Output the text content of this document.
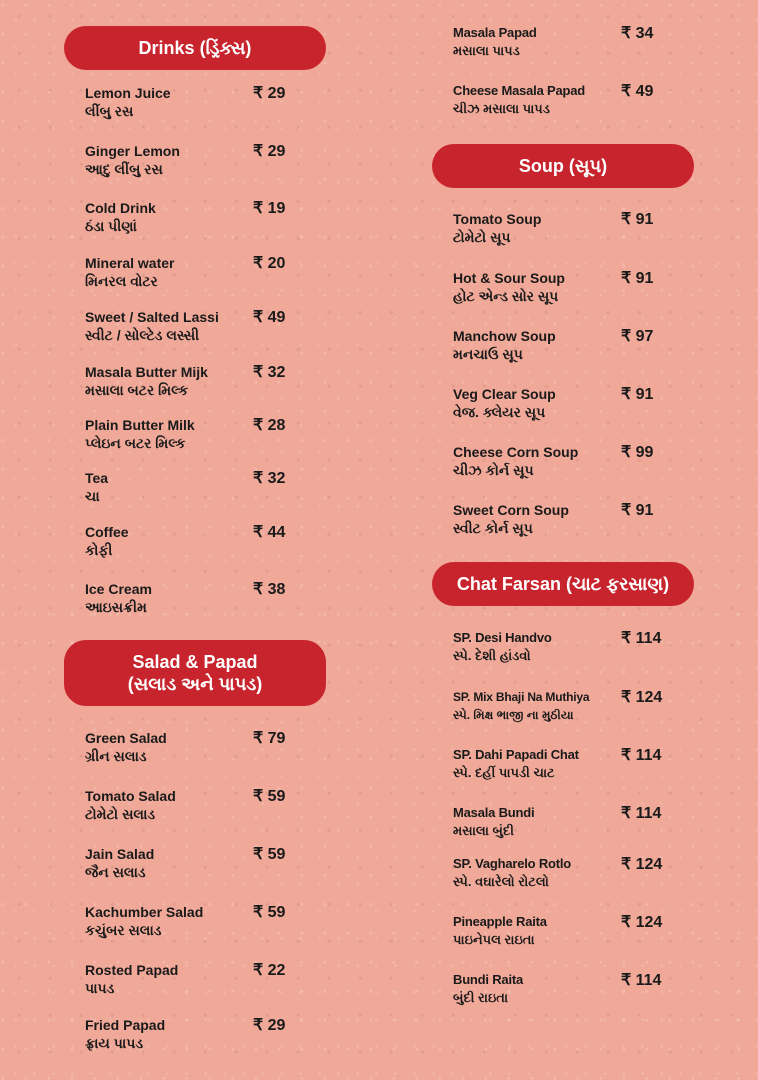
Drinks (ડ્રિંક્સ)
Lemon Juice
લીંબુ રસ
₹ 29
Ginger Lemon
આદુ લીંબુ રસ
₹ 29
Cold Drink
ઠંડા પીણાં
₹ 19
Mineral water
મિનરલ વોટર
₹ 20
Sweet / Salted Lassi
સ્વીટ / સોલ્ટેડ લસ્સી
₹ 49
Masala Butter Mijk
મસાલા બટર મિલ્ક
₹ 32
Plain Butter Milk
પ્લેઇન બટર મિલ્ક
₹ 28
Tea
ચા
₹ 32
Coffee
કોફી
₹ 44
Ice Cream
આઇસક્રીમ
₹ 38
Salad & Papad
(સલાડ અને પાપડ)
Green Salad
ગ્રીન સલાડ
₹ 79
Tomato Salad
ટોમેટો સલાડ
₹ 59
Jain Salad
જૈન સલાડ
₹ 59
Kachumber Salad
કચુંબર સલાડ
₹ 59
Rosted Papad
પાપડ
₹ 22
Fried Papad
ફ્રાય પાપડ
₹ 29
Masala Papad
મસાલા પાપડ
₹ 34
Cheese Masala Papad
ચીઝ મસાલા પાપડ
₹ 49
Soup (સૂપ)
Tomato Soup
ટોમેટો સૂપ
₹ 91
Hot & Sour Soup
હોટ એન્ડ સોર સૂપ
₹ 91
Manchow Soup
મનચાઉ સૂપ
₹ 97
Veg Clear Soup
વેજ. ક્લેયર સૂપ
₹ 91
Cheese Corn Soup
ચીઝ કોર્ન સૂપ
₹ 99
Sweet Corn Soup
સ્વીટ કોર્ન સૂપ
₹ 91
Chat Farsan (ચાટ ફરસાણ)
SP. Desi Handvo
સ્પે. દેશી હાંડવો
₹ 114
SP. Mix Bhaji Na Muthiya
સ્પે. મિક્ષ ભાજી ના મુઠીયા
₹ 124
SP. Dahi Papadi Chat
સ્પે. દહીં પાપડી ચાટ
₹ 114
Masala Bundi
મસાલા બુંદી
₹ 114
SP. Vagharelo Rotlo
સ્પે. વઘારેલો રોટલો
₹ 124
Pineapple Raita
પાઇનેપલ રાઇતા
₹ 124
Bundi Raita
બુંદી રાઇતા
₹ 114
